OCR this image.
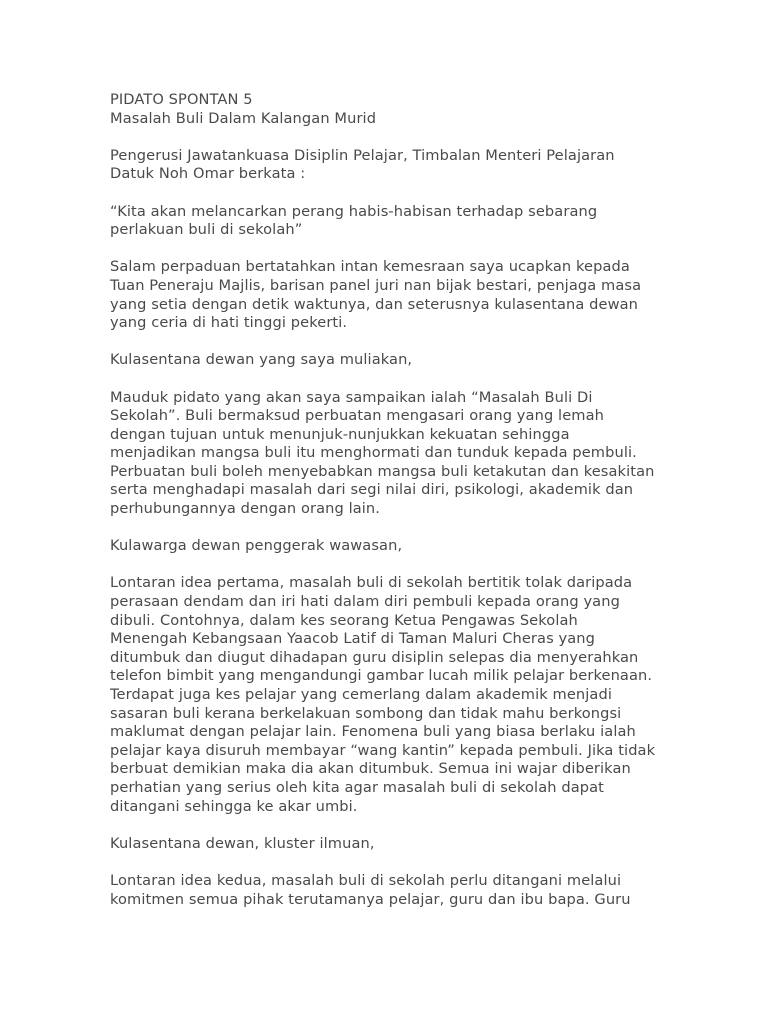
PIDATO SPONTAN 5
Masalah Buli Dalam Kalangan Murid

Pengerusi Jawatankuasa Disiplin Pelajar, Timbalan Menteri Pelajaran Datuk Noh Omar berkata :

“Kita akan melancarkan perang habis-habisan terhadap sebarang perlakuan buli di sekolah”

Salam perpaduan bertatahkan intan kemesraan saya ucapkan kepada Tuan Peneraju Majlis, barisan panel juri nan bijak bestari, penjaga masa yang setia dengan detik waktunya, dan seterusnya kulasentana dewan yang ceria di hati tinggi pekerti.

Kulasentana dewan yang saya muliakan,

Mauduk pidato yang akan saya sampaikan ialah “Masalah Buli Di Sekolah”. Buli bermaksud perbuatan mengasari orang yang lemah dengan tujuan untuk menunjuk-nunjukkan kekuatan sehingga menjadikan mangsa buli itu menghormati dan tunduk kepada pembuli. Perbuatan buli boleh menyebabkan mangsa buli ketakutan dan kesakitan serta menghadapi masalah dari segi nilai diri, psikologi, akademik dan perhubungannya dengan orang lain.

Kulawarga dewan penggerak wawasan,

Lontaran idea pertama, masalah buli di sekolah bertitik tolak daripada perasaan dendam dan iri hati dalam diri pembuli kepada orang yang dibuli. Contohnya, dalam kes seorang Ketua Pengawas Sekolah Menengah Kebangsaan Yaacob Latif di Taman Maluri Cheras yang ditumbuk dan diugut dihadapan guru disiplin selepas dia menyerahkan telefon bimbit yang mengandungi gambar lucah milik pelajar berkenaan. Terdapat juga kes pelajar yang cemerlang dalam akademik menjadi sasaran buli kerana berkelakuan sombong dan tidak mahu berkongsi maklumat dengan pelajar lain. Fenomena buli yang biasa berlaku ialah pelajar kaya disuruh membayar “wang kantin” kepada pembuli. Jika tidak berbuat demikian maka dia akan ditumbuk. Semua ini wajar diberikan perhatian yang serius oleh kita agar masalah buli di sekolah dapat ditangani sehingga ke akar umbi.

Kulasentana dewan, kluster ilmuan,

Lontaran idea kedua, masalah buli di sekolah perlu ditangani melalui komitmen semua pihak terutamanya pelajar, guru dan ibu bapa. Guru
